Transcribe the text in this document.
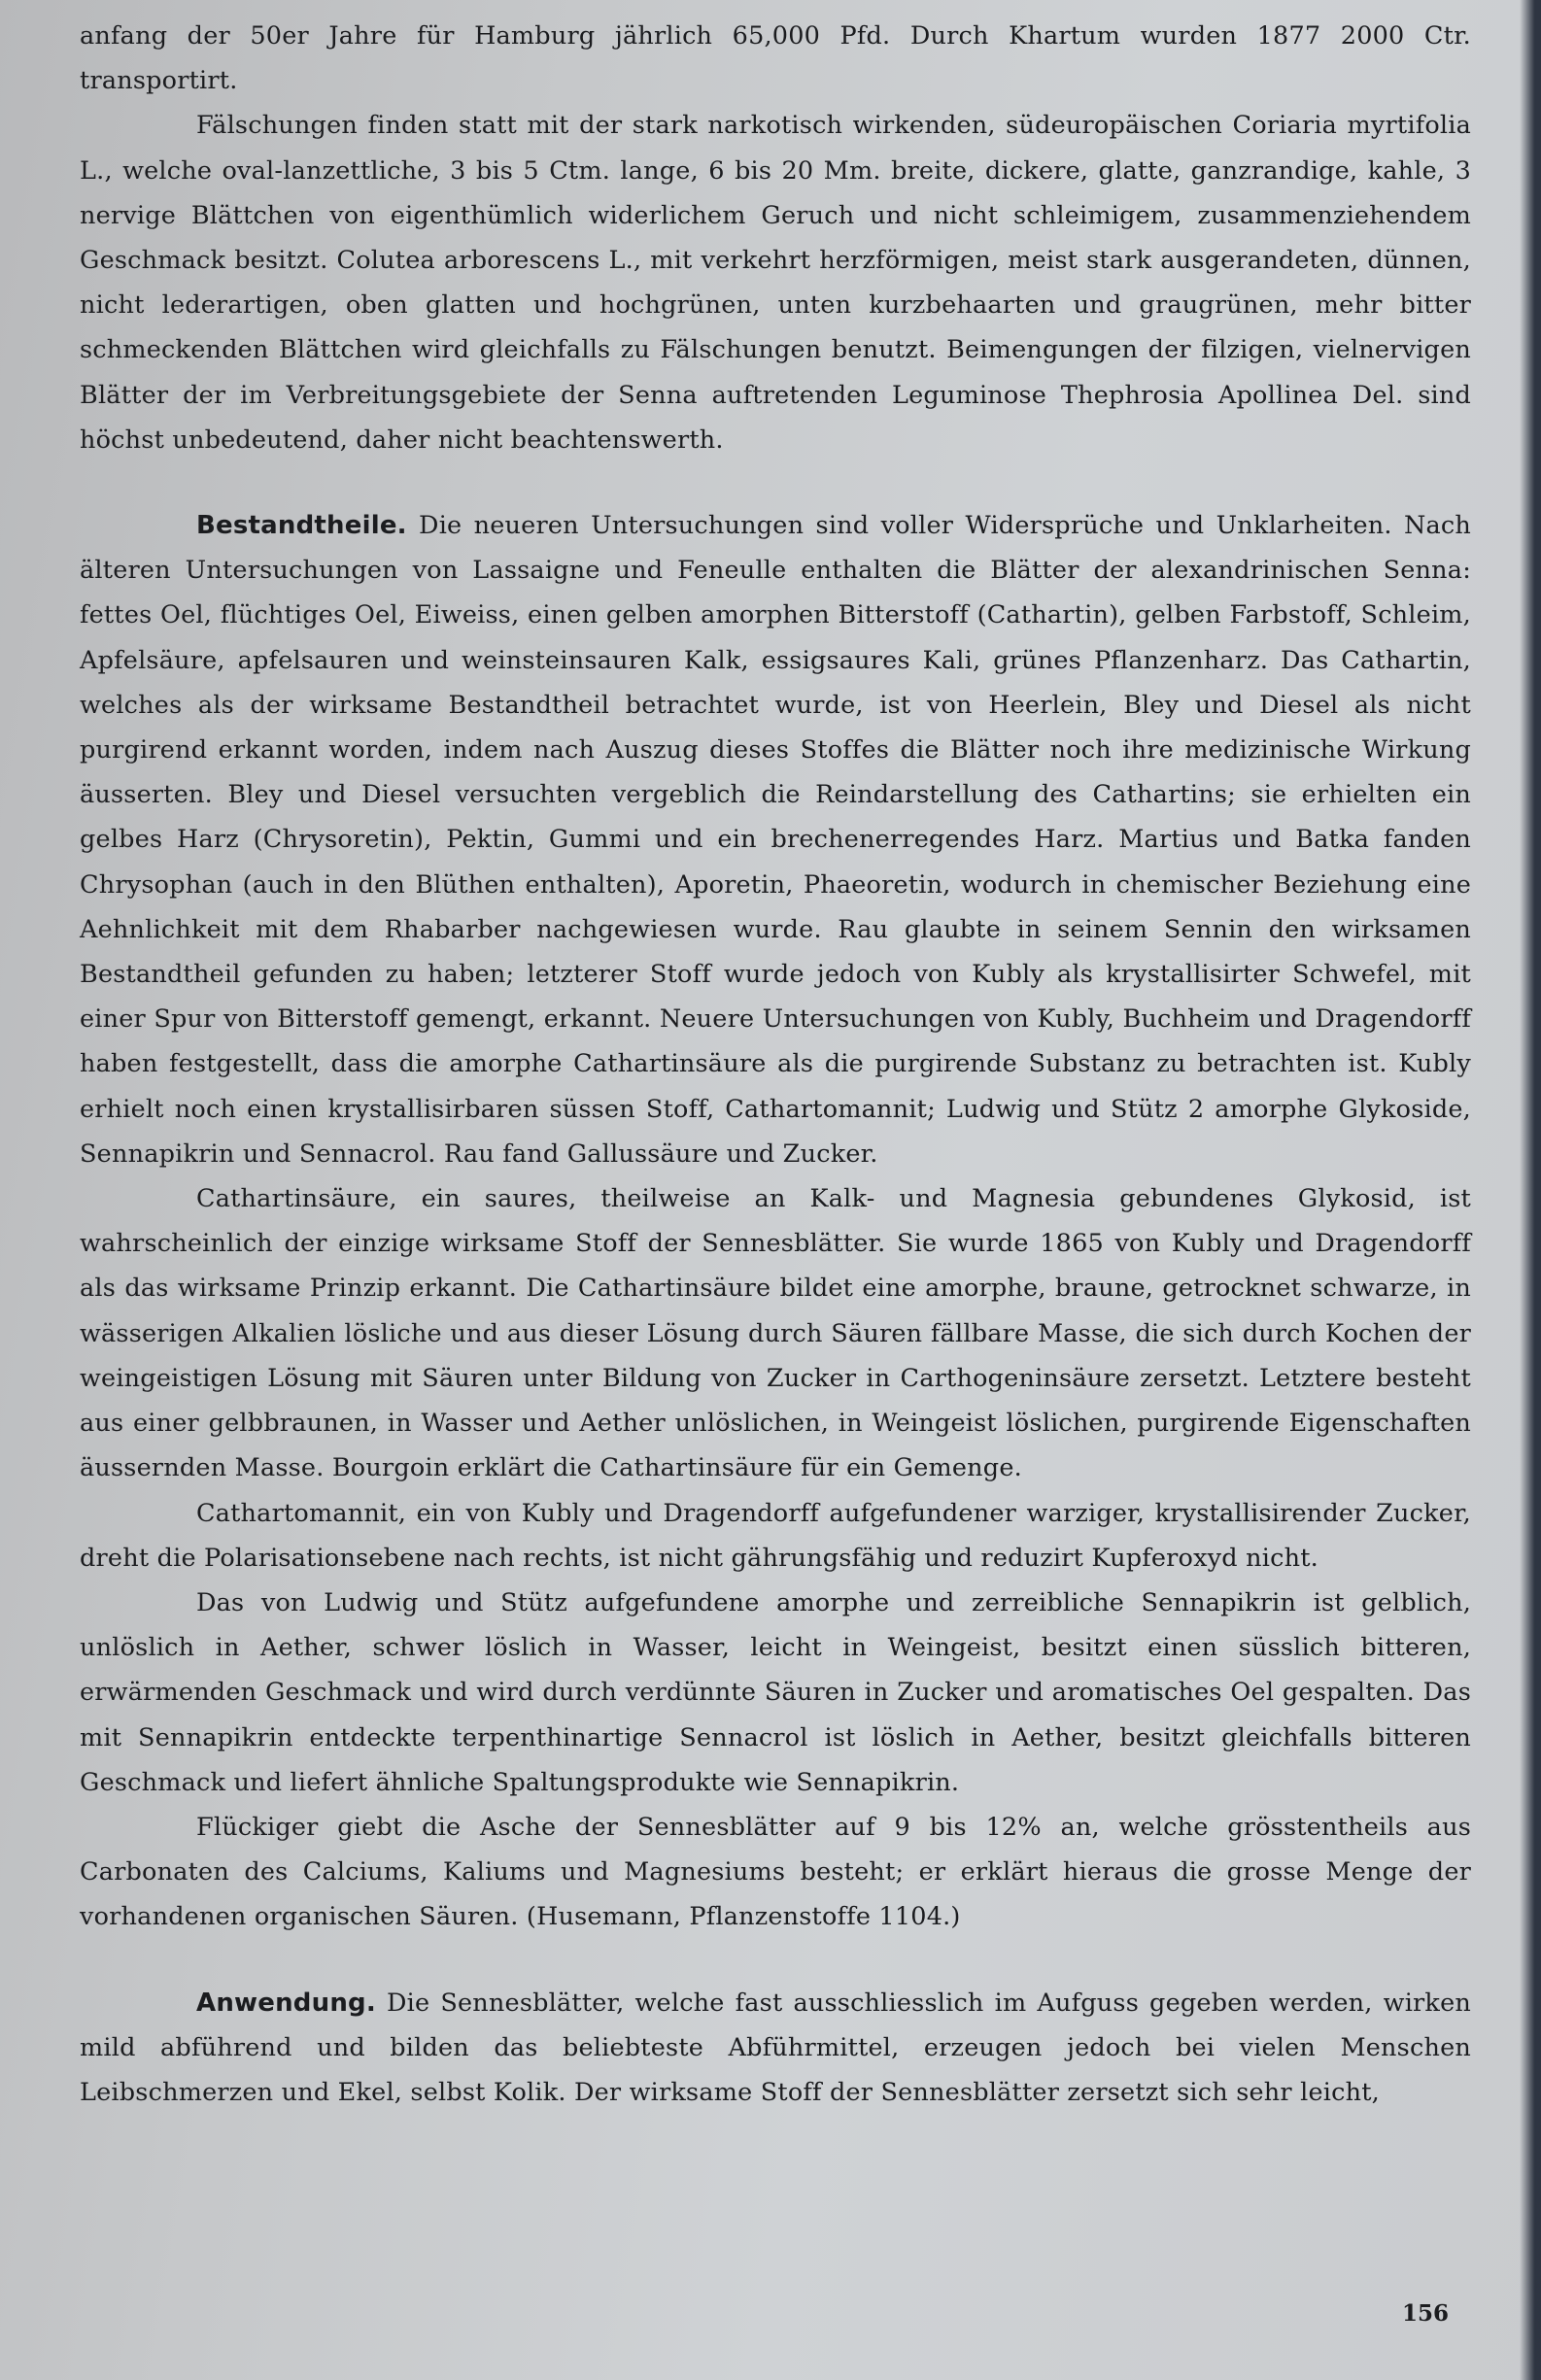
anfang der 50er Jahre für Hamburg jährlich 65,000 Pfd. Durch Khartum wurden 1877 2000 Ctr. transportirt.

Fälschungen finden statt mit der stark narkotisch wirkenden, südeuropäischen Coriaria myrtifolia L., welche oval-lanzettliche, 3 bis 5 Ctm. lange, 6 bis 20 Mm. breite, dickere, glatte, ganzrandige, kahle, 3 nervige Blättchen von eigenthümlich widerlichem Geruch und nicht schleimigem, zusammenziehendem Geschmack besitzt. Colutea arborescens L., mit verkehrt herzförmigen, meist stark ausgerandeten, dünnen, nicht lederartigen, oben glatten und hochgrünen, unten kurzbehaarten und graugrünen, mehr bitter schmeckenden Blättchen wird gleichfalls zu Fälschungen benutzt. Beimengungen der filzigen, vielnervigen Blätter der im Verbreitungsgebiete der Senna auftretenden Leguminose Thephrosia Apollinea Del. sind höchst unbedeutend, daher nicht beachtenswerth.

Bestandtheile. Die neueren Untersuchungen sind voller Widersprüche und Unklarheiten. Nach älteren Untersuchungen von Lassaigne und Feneulle enthalten die Blätter der alexandrinischen Senna: fettes Oel, flüchtiges Oel, Eiweiss, einen gelben amorphen Bitterstoff (Cathartin), gelben Farbstoff, Schleim, Apfelsäure, apfelsauren und weinsteinsauren Kalk, essigsaures Kali, grünes Pflanzenharz. Das Cathartin, welches als der wirksame Bestandtheil betrachtet wurde, ist von Heerlein, Bley und Diesel als nicht purgirend erkannt worden, indem nach Auszug dieses Stoffes die Blätter noch ihre medizinische Wirkung äusserten. Bley und Diesel versuchten vergeblich die Reindarstellung des Cathartins; sie erhielten ein gelbes Harz (Chrysoretin), Pektin, Gummi und ein brechenerregendes Harz. Martius und Batka fanden Chrysophan (auch in den Blüthen enthalten), Aporetin, Phaeoretin, wodurch in chemischer Beziehung eine Aehnlichkeit mit dem Rhabarber nachgewiesen wurde. Rau glaubte in seinem Sennin den wirksamen Bestandtheil gefunden zu haben; letzterer Stoff wurde jedoch von Kubly als krystallisirter Schwefel, mit einer Spur von Bitterstoff gemengt, erkannt. Neuere Untersuchungen von Kubly, Buchheim und Dragendorff haben festgestellt, dass die amorphe Cathartinsäure als die purgirende Substanz zu betrachten ist. Kubly erhielt noch einen krystallisirbaren süssen Stoff, Cathartomannit; Ludwig und Stütz 2 amorphe Glykoside, Sennapikrin und Sennacrol. Rau fand Gallussäure und Zucker.

Cathartinsäure, ein saures, theilweise an Kalk- und Magnesia gebundenes Glykosid, ist wahrscheinlich der einzige wirksame Stoff der Sennesblätter. Sie wurde 1865 von Kubly und Dragendorff als das wirksame Prinzip erkannt. Die Cathartinsäure bildet eine amorphe, braune, getrocknet schwarze, in wässerigen Alkalien lösliche und aus dieser Lösung durch Säuren fällbare Masse, die sich durch Kochen der weingeistigen Lösung mit Säuren unter Bildung von Zucker in Carthogeninsäure zersetzt. Letztere besteht aus einer gelbbraunen, in Wasser und Aether unlöslichen, in Weingeist löslichen, purgirende Eigenschaften äussernden Masse. Bourgoin erklärt die Cathartinsäure für ein Gemenge.

Cathartomannit, ein von Kubly und Dragendorff aufgefundener warziger, krystallisirender Zucker, dreht die Polarisationsebene nach rechts, ist nicht gährungsfähig und reduzirt Kupferoxyd nicht.

Das von Ludwig und Stütz aufgefundene amorphe und zerreibliche Sennapikrin ist gelblich, unlöslich in Aether, schwer löslich in Wasser, leicht in Weingeist, besitzt einen süsslich bitteren, erwärmenden Geschmack und wird durch verdünnte Säuren in Zucker und aromatisches Oel gespalten. Das mit Sennapikrin entdeckte terpenthinartige Sennacrol ist löslich in Aether, besitzt gleichfalls bitteren Geschmack und liefert ähnliche Spaltungsprodukte wie Sennapikrin.

Flückiger giebt die Asche der Sennesblätter auf 9 bis 12% an, welche grösstentheils aus Carbonaten des Calciums, Kaliums und Magnesiums besteht; er erklärt hieraus die grosse Menge der vorhandenen organischen Säuren. (Husemann, Pflanzenstoffe 1104.)

Anwendung. Die Sennesblätter, welche fast ausschliesslich im Aufguss gegeben werden, wirken mild abführend und bilden das beliebteste Abführmittel, erzeugen jedoch bei vielen Menschen Leibschmerzen und Ekel, selbst Kolik. Der wirksame Stoff der Sennesblätter zersetzt sich sehr leicht,

156
